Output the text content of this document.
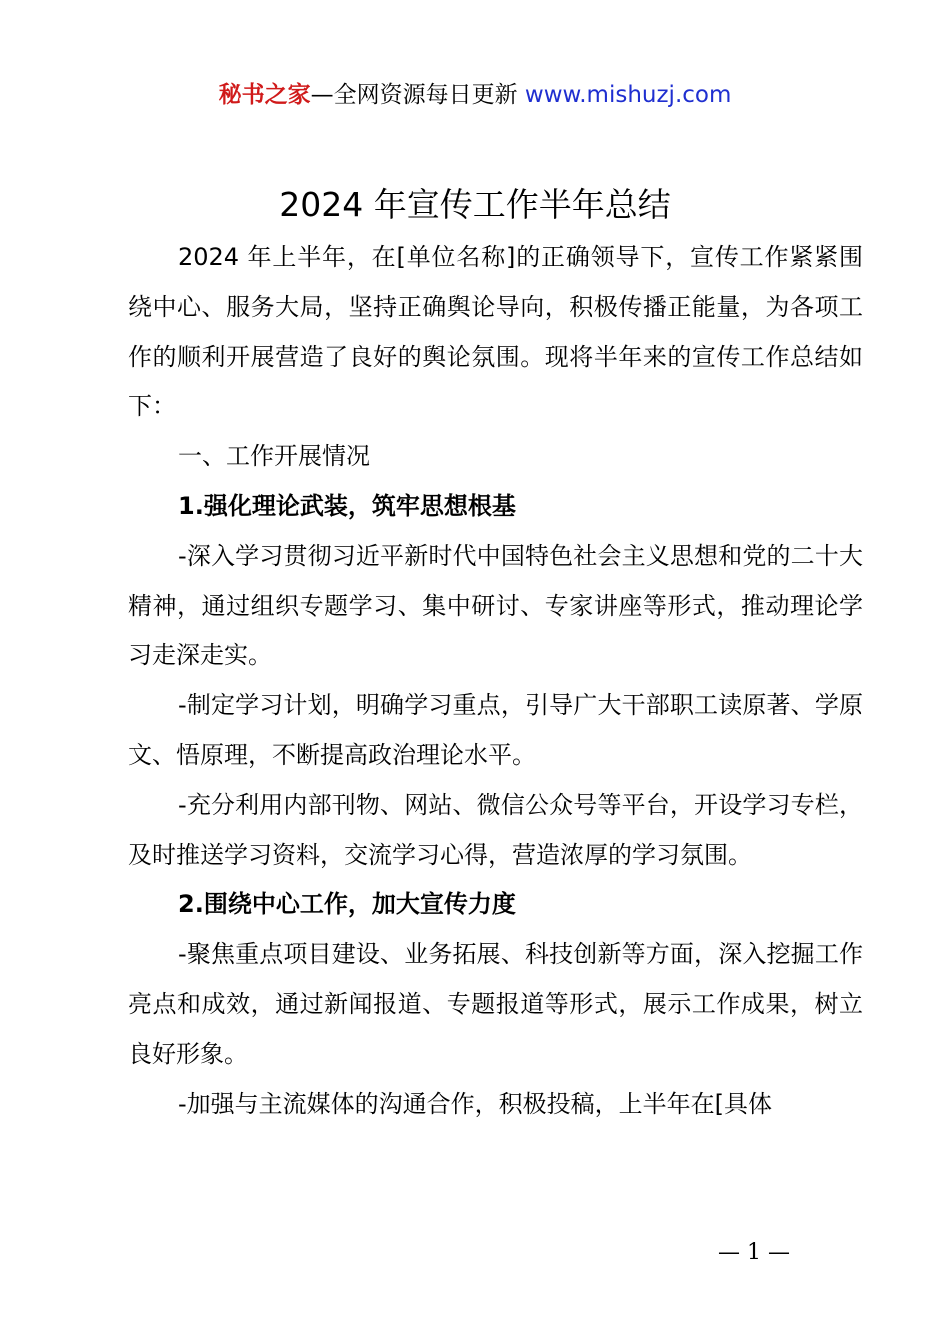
秘书之家—全网资源每日更新 www.mishuzj.com
2024 年宣传工作半年总结

2024 年上半年，在[单位名称]的正确领导下，宣传工作紧紧围绕中心、服务大局，坚持正确舆论导向，积极传播正能量，为各项工作的顺利开展营造了良好的舆论氛围。现将半年来的宣传工作总结如下：

一、工作开展情况

1.强化理论武装，筑牢思想根基

-深入学习贯彻习近平新时代中国特色社会主义思想和党的二十大精神，通过组织专题学习、集中研讨、专家讲座等形式，推动理论学习走深走实。

-制定学习计划，明确学习重点，引导广大干部职工读原著、学原文、悟原理，不断提高政治理论水平。

-充分利用内部刊物、网站、微信公众号等平台，开设学习专栏，及时推送学习资料，交流学习心得，营造浓厚的学习氛围。

2.围绕中心工作，加大宣传力度

-聚焦重点项目建设、业务拓展、科技创新等方面，深入挖掘工作亮点和成效，通过新闻报道、专题报道等形式，展示工作成果，树立良好形象。

-加强与主流媒体的沟通合作，积极投稿，上半年在[具体

— 1 —
